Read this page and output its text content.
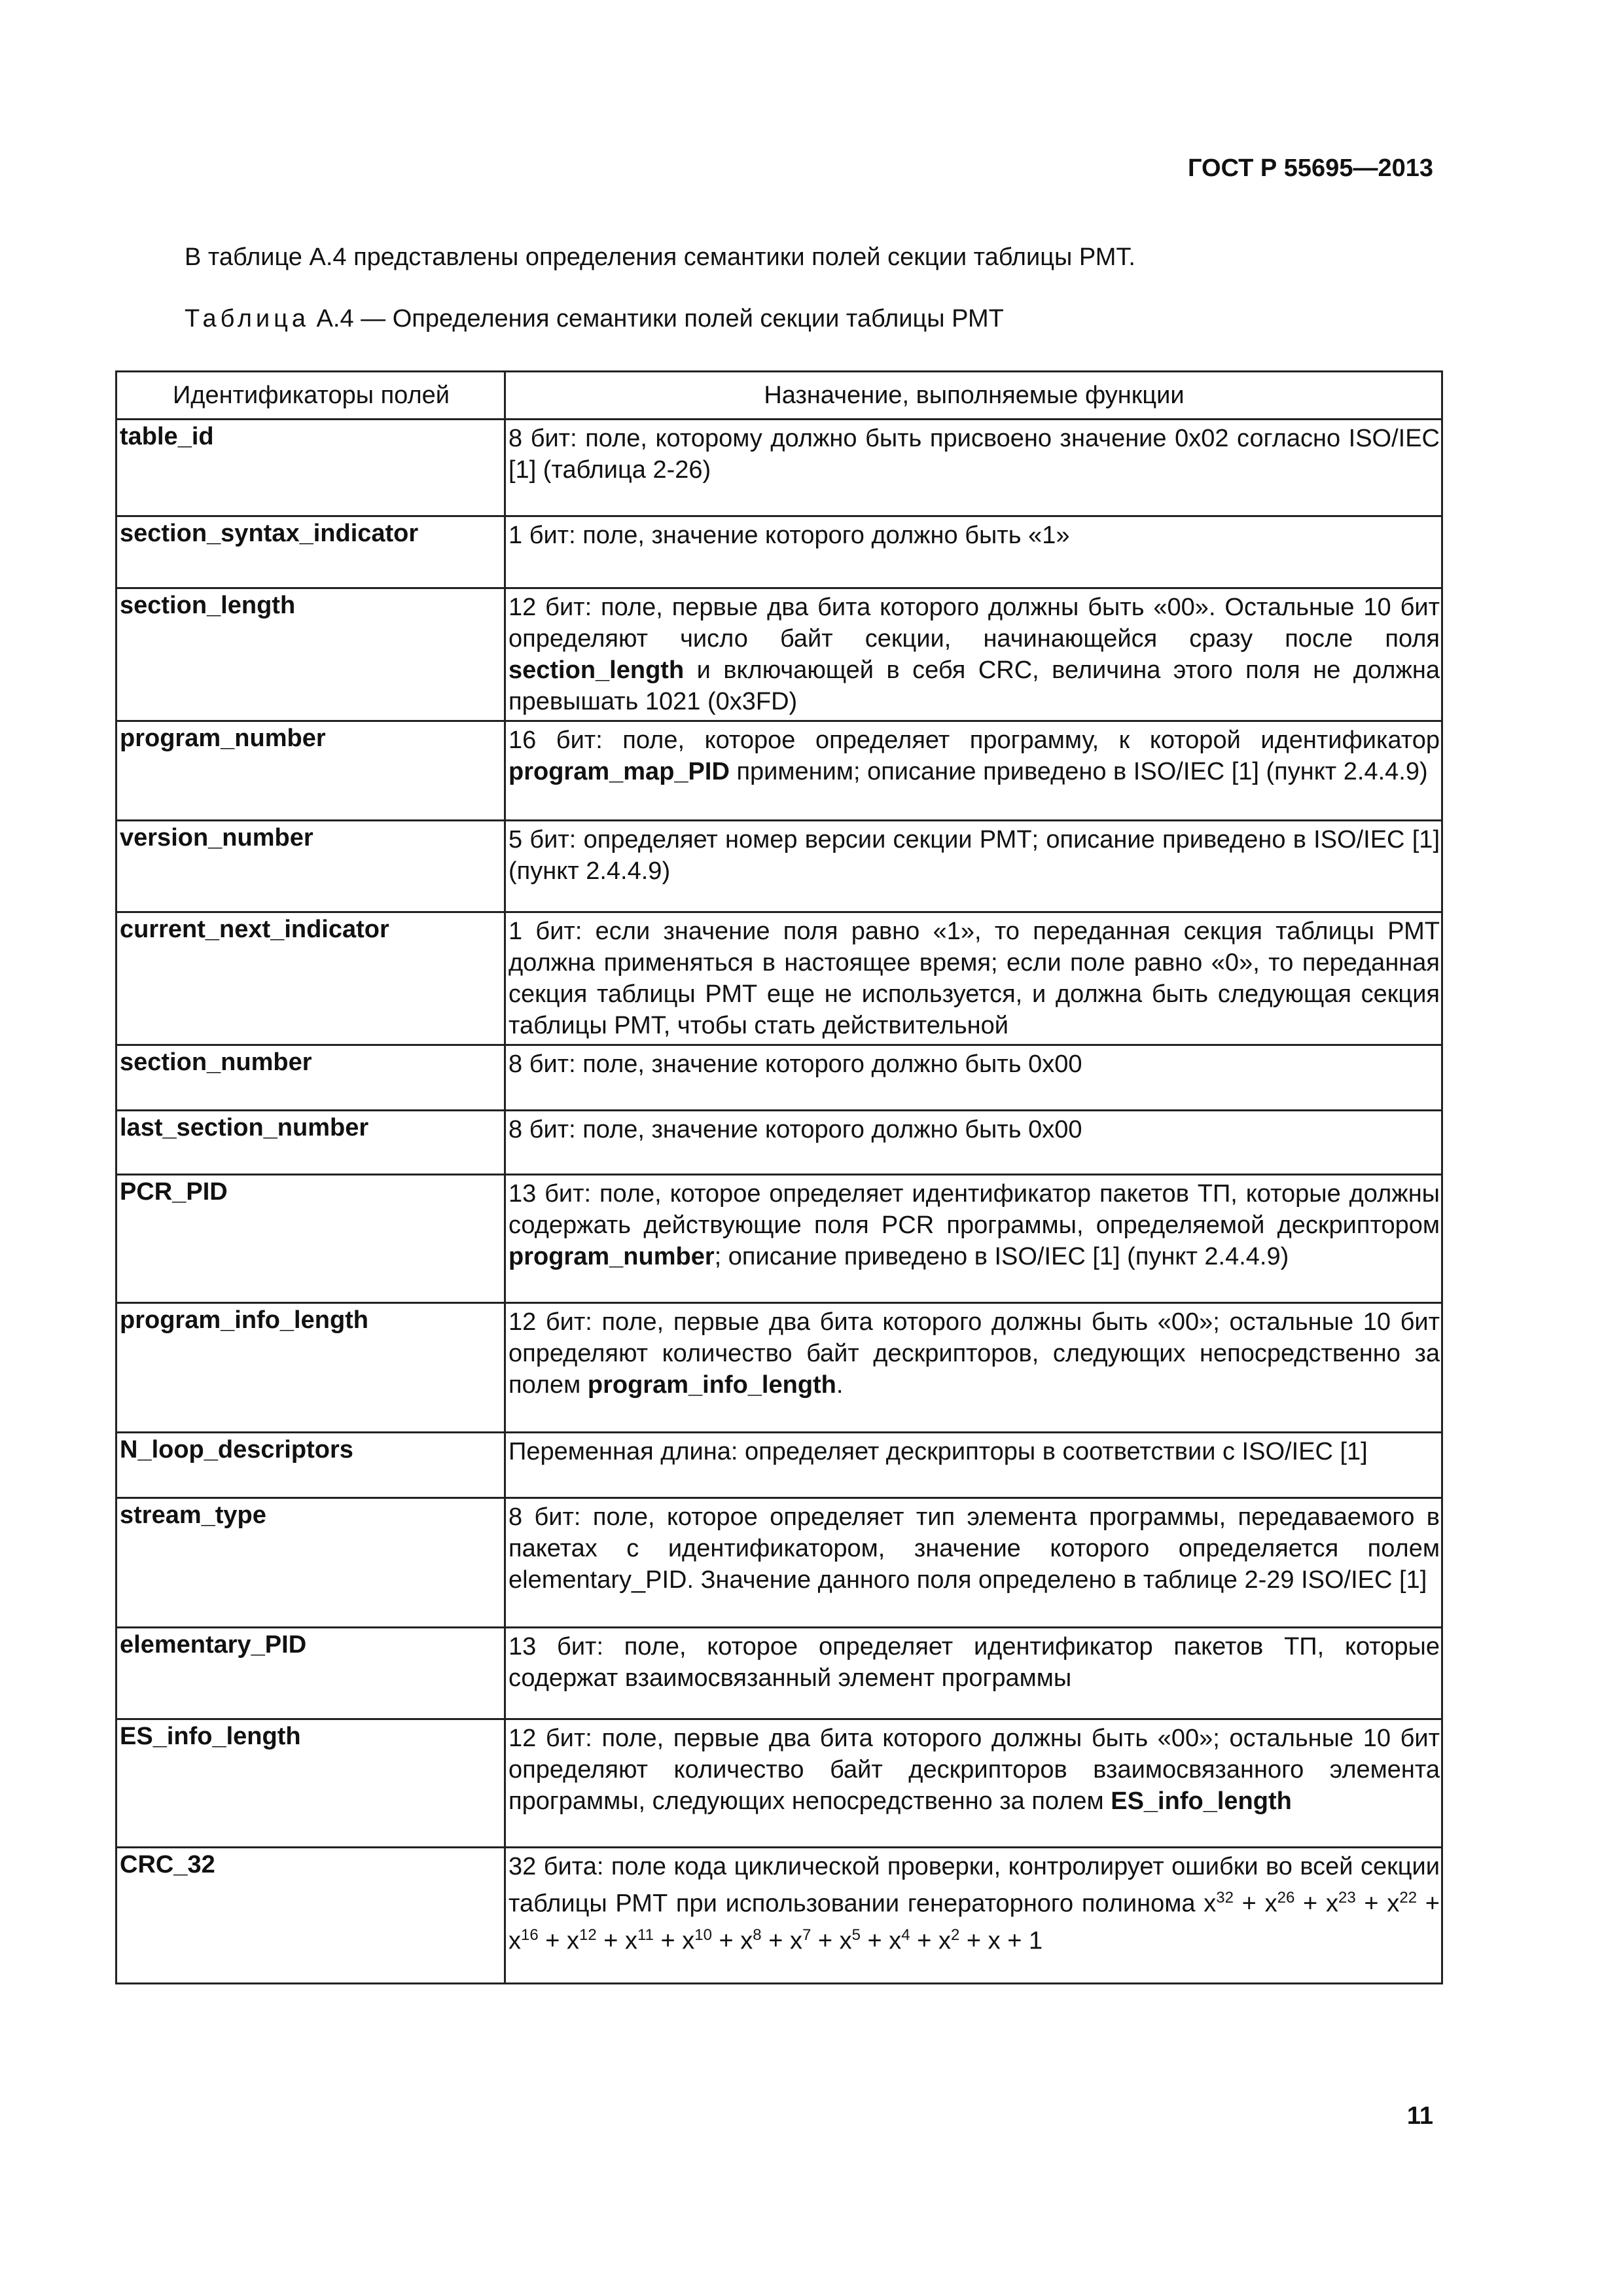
ГОСТ Р 55695—2013
В таблице А.4 представлены определения семантики полей секции таблицы РМТ.
Таблица А.4 — Определения семантики полей секции таблицы РМТ
Идентификаторы полей	Назначение, выполняемые функции
table_id	8 бит: поле, которому должно быть присвоено значение 0x02 согласно ISO/IEC [1] (таблица 2-26)
section_syntax_indicator	1 бит: поле, значение которого должно быть «1»
section_length	12 бит: поле, первые два бита которого должны быть «00». Остальные 10 бит определяют число байт секции, начинающейся сразу после поля section_length и включающей в себя CRC, величина этого поля не должна превышать 1021 (0x3FD)
program_number	16 бит: поле, которое определяет программу, к которой идентификатор program_map_PID применим; описание приведено в ISO/IEC [1] (пункт 2.4.4.9)
version_number	5 бит: определяет номер версии секции РМТ; описание приведено в ISO/IEC [1] (пункт 2.4.4.9)
current_next_indicator	1 бит: если значение поля равно «1», то переданная секция таблицы РМТ должна применяться в настоящее время; если поле равно «0», то переданная секция таблицы РМТ еще не используется, и должна быть следующая секция таблицы РМТ, чтобы стать действительной
section_number	8 бит: поле, значение которого должно быть 0x00
last_section_number	8 бит: поле, значение которого должно быть 0x00
PCR_PID	13 бит: поле, которое определяет идентификатор пакетов ТП, которые должны содержать действующие поля PCR программы, определяемой дескриптором program_number; описание приведено в ISO/IEC [1] (пункт 2.4.4.9)
program_info_length	12 бит: поле, первые два бита которого должны быть «00»; остальные 10 бит определяют количество байт дескрипторов, следующих непосредственно за полем program_info_length.
N_loop_descriptors	Переменная длина: определяет дескрипторы в соответствии с ISO/IEC [1]
stream_type	8 бит: поле, которое определяет тип элемента программы, передаваемого в пакетах с идентификатором, значение которого определяется полем elementary_PID. Значение данного поля определено в таблице 2-29 ISO/IEC [1]
elementary_PID	13 бит: поле, которое определяет идентификатор пакетов ТП, которые содержат взаимосвязанный элемент программы
ES_info_length	12 бит: поле, первые два бита которого должны быть «00»; остальные 10 бит определяют количество байт дескрипторов взаимосвязанного элемента программы, следующих непосредственно за полем ES_info_length
CRC_32	32 бита: поле кода циклической проверки, контролирует ошибки во всей секции таблицы РМТ при использовании генераторного полинома $x^{32} + x^{26} + x^{23} + x^{22} + x^{16} + x^{12} + x^{11} + x^{10} + x^8 + x^7 + x^5 + x^4 + x^2 + x + 1$
11
